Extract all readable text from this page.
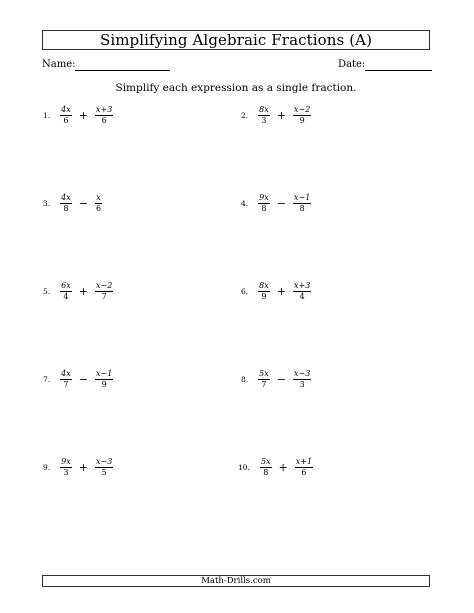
Simplifying Algebraic Fractions (A)
Name:	Date:
Simplify each expression as a single fraction.
1. $\frac{4x}{6} + \frac{x+3}{6}$	2. $\frac{8x}{3} + \frac{x-2}{9}$
3. $\frac{4x}{8} - \frac{x}{6}$	4. $\frac{9x}{8} - \frac{x-1}{8}$
5. $\frac{6x}{4} + \frac{x-2}{7}$	6. $\frac{8x}{9} + \frac{x+3}{4}$
7. $\frac{4x}{7} - \frac{x-1}{9}$	8. $\frac{5x}{7} - \frac{x-3}{3}$
9. $\frac{9x}{3} + \frac{x-3}{5}$	10. $\frac{5x}{8} + \frac{x+1}{6}$
Math-Drills.com
